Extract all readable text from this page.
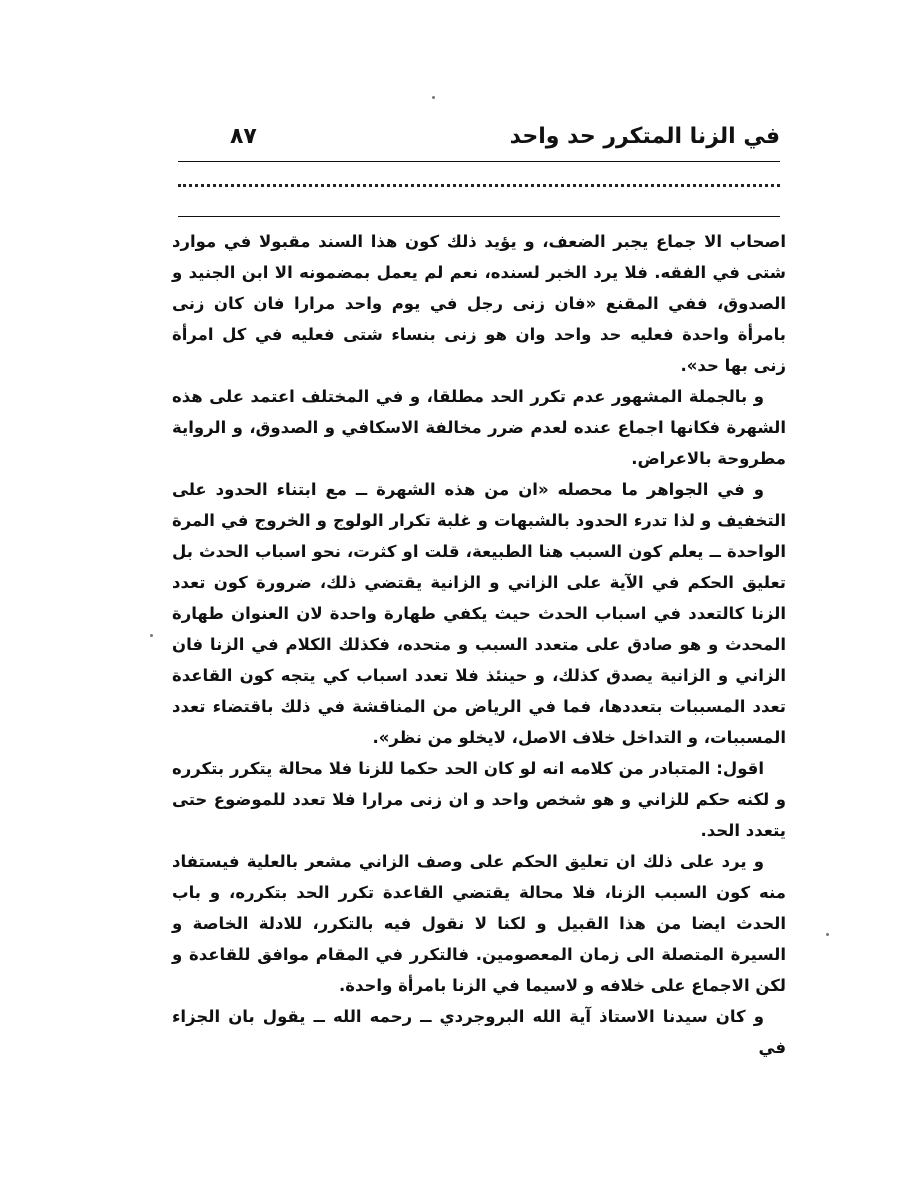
٨٧	في الزنا المتكرر حد واحد

اصحاب الا جماع يجبر الضعف، و يؤيد ذلك كون هذا السند مقبولا في موارد شتى في الفقه. فلا يرد الخبر لسنده، نعم لم يعمل بمضمونه الا ابن الجنيد و الصدوق، ففي المقنع «فان زنى رجل في يوم واحد مرارا فان كان زنى بامرأة واحدة فعليه حد واحد وان هو زنى بنساء شتى فعليه في كل امرأة زنى بها حد».

و بالجملة المشهور عدم تكرر الحد مطلقا، و في المختلف اعتمد على هذه الشهرة فكانها اجماع عنده لعدم ضرر مخالفة الاسكافي و الصدوق، و الرواية مطروحة بالاعراض.

و في الجواهر ما محصله «ان من هذه الشهرة ــ مع ابتناء الحدود على التخفيف و لذا تدرء الحدود بالشبهات و غلبة تكرار الولوج و الخروج في المرة الواحدة ــ يعلم كون السبب هنا الطبيعة، قلت او كثرت، نحو اسباب الحدث بل تعليق الحكم في الآية على الزاني و الزانية يقتضي ذلك، ضرورة كون تعدد الزنا كالتعدد في اسباب الحدث حيث يكفي طهارة واحدة لان العنوان طهارة المحدث و هو صادق على متعدد السبب و متحده، فكذلك الكلام في الزنا فان الزاني و الزانية يصدق كذلك، و حينئذ فلا تعدد اسباب كي يتجه كون القاعدة تعدد المسببات بتعددها، فما في الرياض من المناقشة في ذلك باقتضاء تعدد المسببات، و التداخل خلاف الاصل، لايخلو من نظر».

اقول: المتبادر من كلامه انه لو كان الحد حكما للزنا فلا محالة يتكرر بتكرره و لكنه حكم للزاني و هو شخص واحد و ان زنى مرارا فلا تعدد للموضوع حتى يتعدد الحد.

و يرد على ذلك ان تعليق الحكم على وصف الزاني مشعر بالعلية فيستفاد منه كون السبب الزنا، فلا محالة يقتضي القاعدة تكرر الحد بتكرره، و باب الحدث ايضا من هذا القبيل و لكنا لا نقول فيه بالتكرر، للادلة الخاصة و السيرة المتصلة الى زمان المعصومين. فالتكرر في المقام موافق للقاعدة و لكن الاجماع على خلافه و لاسيما في الزنا بامرأة واحدة.

و كان سيدنا الاستاذ آية الله البروجردي ــ رحمه الله ــ يقول بان الجزاء في
